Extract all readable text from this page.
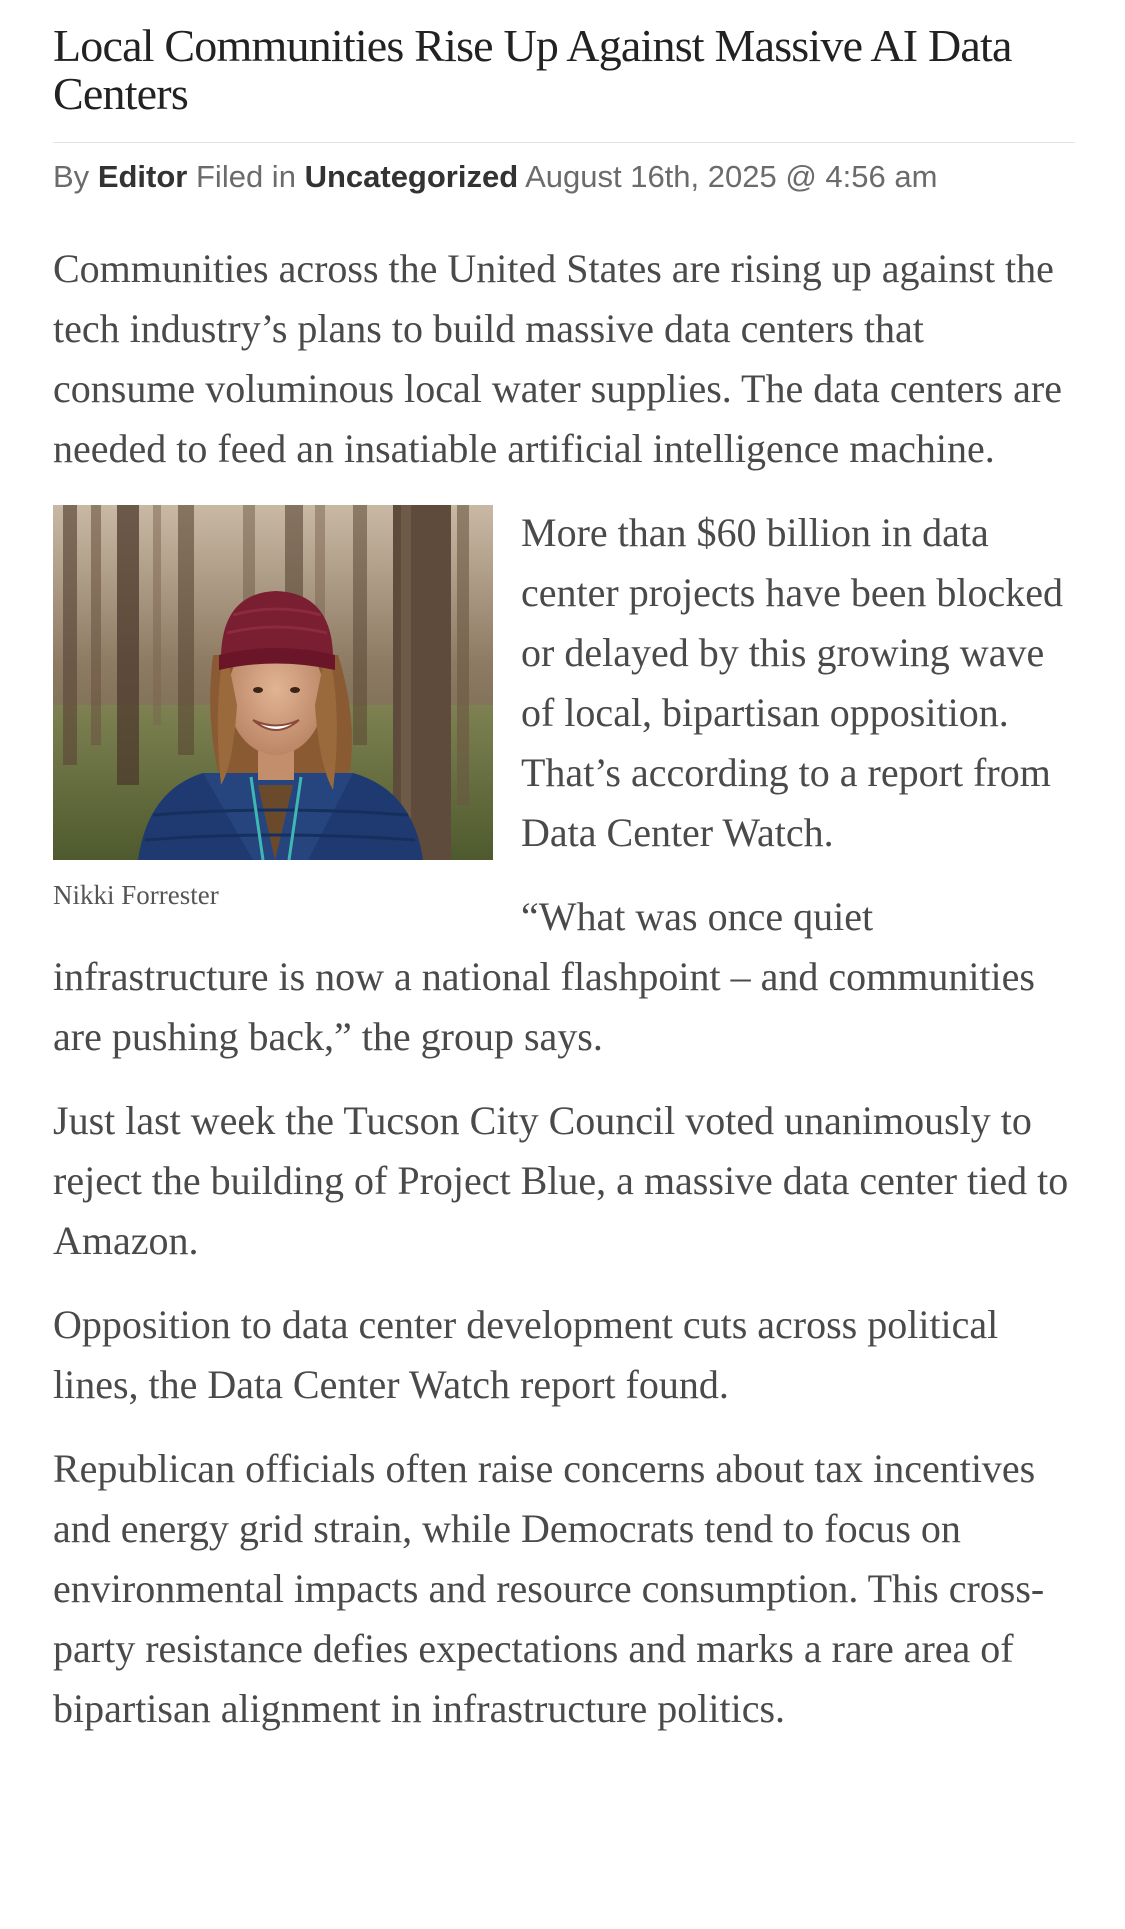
Local Communities Rise Up Against Massive AI Data Centers
By Editor Filed in Uncategorized August 16th, 2025 @ 4:56 am

Communities across the United States are rising up against the tech industry’s plans to build massive data centers that consume voluminous local water supplies. The data centers are needed to feed an insatiable artificial intelligence machine.

Nikki Forrester

More than $60 billion in data center projects have been blocked or delayed by this growing wave of local, bipartisan opposition. That’s according to a report from Data Center Watch.

“What was once quiet infrastructure is now a national flashpoint – and communities are pushing back,” the group says.

Just last week the Tucson City Council voted unanimously to reject the building of Project Blue, a massive data center tied to Amazon.

Opposition to data center development cuts across political lines, the Data Center Watch report found.

Republican officials often raise concerns about tax incentives and energy grid strain, while Democrats tend to focus on environmental impacts and resource consumption. This cross-party resistance defies expectations and marks a rare area of bipartisan alignment in infrastructure politics.
